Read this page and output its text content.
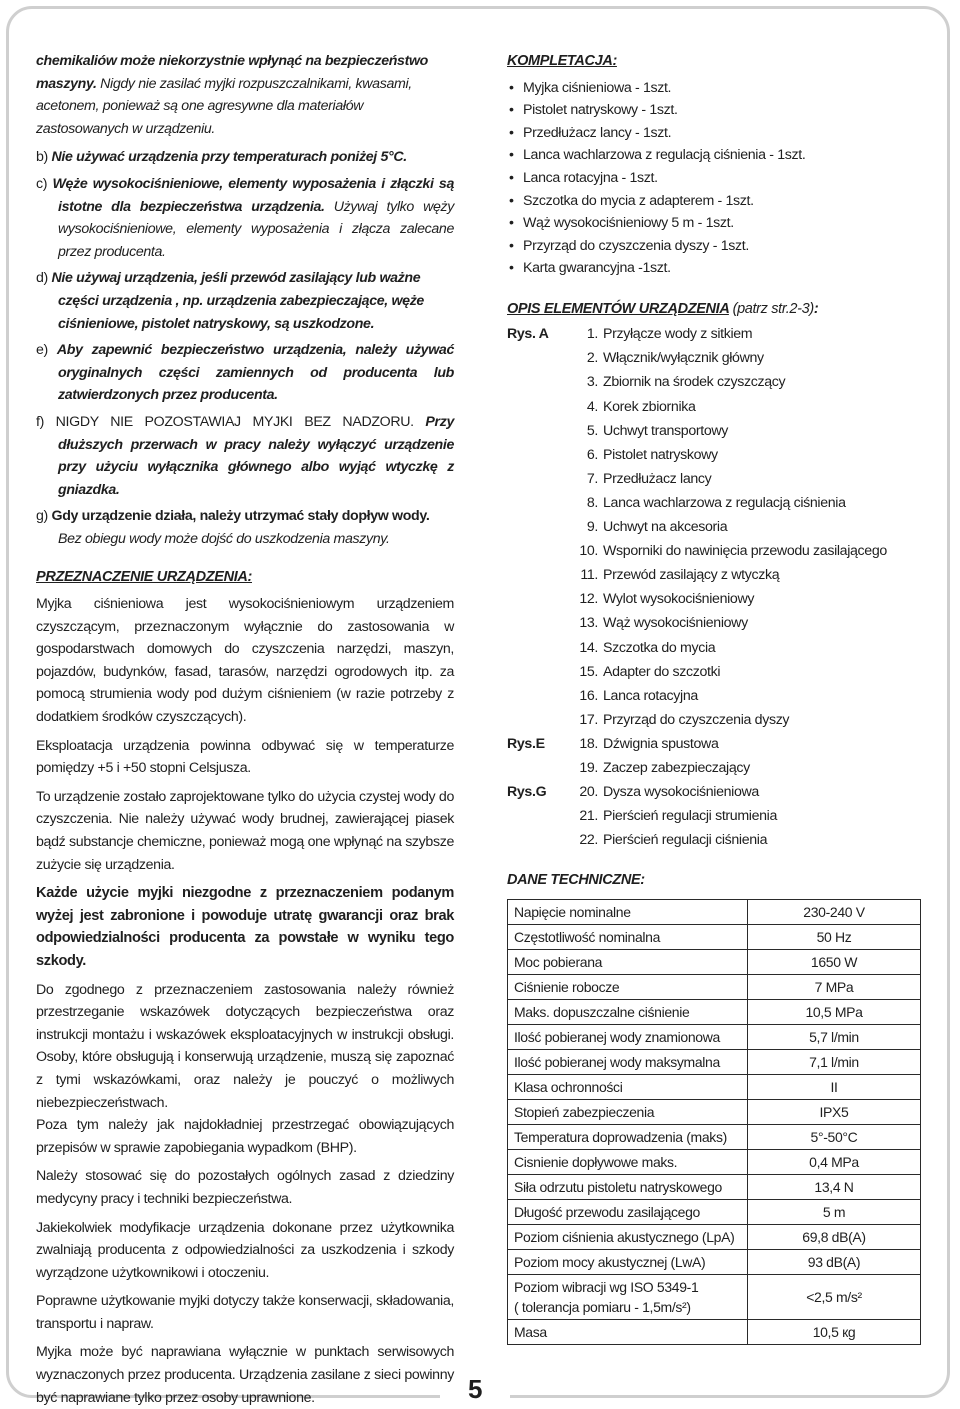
chemikaliów może niekorzystnie wpłynąć na bezpieczeństwo

maszyny. Nigdy nie zasilać myjki rozpuszczalnikami, kwasami, acetonem, ponieważ są one agresywne dla materiałów zastosowanych w urządzeniu.

b) Nie używać urządzenia przy temperaturach poniżej 5°C.

c) Węże wysokociśnieniowe, elementy wyposażenia i złączki są istotne dla bezpieczeństwa urządzenia. Używaj tylko węży wysokociśnieniowe, elementy wyposażenia i złącza zalecane przez producenta.

d) Nie używaj urządzenia, jeśli przewód zasilający lub ważne części urządzenia , np. urządzenia zabezpieczające, węże ciśnieniowe, pistolet natryskowy, są uszkodzone.

e) Aby zapewnić bezpieczeństwo urządzenia, należy używać oryginalnych części zamiennych od producenta lub zatwierdzonych przez producenta.

f) NIGDY NIE POZOSTAWIAJ MYJKI BEZ NADZORU. Przy dłuższych przerwach w pracy należy wyłączyć urządzenie przy użyciu wyłącznika głównego albo wyjąć wtyczkę z gniazdka.

g) Gdy urządzenie działa, należy utrzymać stały dopływ wody.

Bez obiegu wody może dojść do uszkodzenia maszyny.

PRZEZNACZENIE URZĄDZENIA:

Myjka ciśnieniowa jest wysokociśnieniowym urządzeniem czyszczącym, przeznaczonym wyłącznie do zastosowania w gospodarstwach domowych do czyszczenia narzędzi, maszyn, pojazdów, budynków, fasad, tarasów, narzędzi ogrodowych itp. za pomocą strumienia wody pod dużym ciśnieniem (w razie potrzeby z dodatkiem środków czyszczących).

Eksploatacja urządzenia powinna odbywać się w temperaturze pomiędzy +5 i +50 stopni Celsjusza.

To urządzenie zostało zaprojektowane tylko do użycia czystej wody do czyszczenia. Nie należy używać wody brudnej, zawierającej piasek bądź substancje chemiczne, ponieważ mogą one wpłynąć na szybsze zużycie się urządzenia.

Każde użycie myjki niezgodne z przeznaczeniem podanym wyżej jest zabronione i powoduje utratę gwarancji oraz brak odpowiedzialności producenta za powstałe w wyniku tego szkody.

Do zgodnego z przeznaczeniem zastosowania należy również przestrzeganie wskazówek dotyczących bezpieczeństwa oraz instrukcji montażu i wskazówek eksploatacyjnych w instrukcji obsługi. Osoby, które obsługują i konserwują urządzenie, muszą się zapoznać z tymi wskazówkami, oraz należy je pouczyć o możliwych niebezpieczeństwach.

Poza tym należy jak najdokładniej przestrzegać obowiązujących przepisów w sprawie zapobiegania wypadkom (BHP).

Należy stosować się do pozostałych ogólnych zasad z dziedziny medycyny pracy i techniki bezpieczeństwa.

Jakiekolwiek modyfikacje urządzenia dokonane przez użytkownika zwalniają producenta z odpowiedzialności za uszkodzenia i szkody wyrządzone użytkownikowi i otoczeniu.

Poprawne użytkowanie myjki dotyczy także konserwacji, składowania, transportu i napraw.

Myjka może być naprawiana wyłącznie w punktach serwisowych wyznaczonych przez producenta. Urządzenia zasilane z sieci powinny być naprawiane tylko przez osoby uprawnione.

KOMPLETACJA:

• Myjka ciśnieniowa - 1szt.
• Pistolet natryskowy - 1szt.
• Przedłużacz lancy - 1szt.
• Lanca wachlarzowa z regulacją ciśnienia - 1szt.
• Lanca rotacyjna - 1szt.
• Szczotka do mycia z adapterem - 1szt.
• Wąż wysokociśnieniowy 5 m - 1szt.
• Przyrząd do czyszczenia dyszy - 1szt.
• Karta gwarancyjna -1szt.

OPIS ELEMENTÓW URZĄDZENIA (patrz str.2-3):

Rys. A	1. Przyłącze wody z sitkiem
2. Włącznik/wyłącznik główny
3. Zbiornik na środek czyszczący
4. Korek zbiornika
5. Uchwyt transportowy
6. Pistolet natryskowy
7. Przedłużacz lancy
8. Lanca wachlarzowa z regulacją ciśnienia
9. Uchwyt na akcesoria
10. Wsporniki do nawinięcia przewodu zasilającego
11. Przewód zasilający z wtyczką
12. Wylot wysokociśnieniowy
13. Wąż wysokociśnieniowy
14. Szczotka do mycia
15. Adapter do szczotki
16. Lanca rotacyjna
17. Przyrząd do czyszczenia dyszy
Rys.E	18. Dźwignia spustowa
19. Zaczep zabezpieczający
Rys.G	20. Dysza wysokociśnieniowa
21. Pierścień regulacji strumienia
22. Pierścień regulacji ciśnienia

DANE TECHNICZNE:

Napięcie nominalne	230-240 V
Częstotliwość nominalna	50 Hz
Moc pobierana	1650 W
Ciśnienie robocze	7 MPa
Maks. dopuszczalne ciśnienie	10,5 MPa
Ilość pobieranej wody znamionowa	5,7 l/min
Ilość pobieranej wody maksymalna	7,1 l/min
Klasa ochronności	II
Stopień zabezpieczenia	IPX5
Temperatura doprowadzenia (maks)	5°-50°C
Cisnienie dopływowe maks.	0,4 MPa
Siła odrzutu pistoletu natryskowego	13,4 N
Długość przewodu zasilającego	5 m
Poziom ciśnienia akustycznego (LpA)	69,8 dB(A)
Poziom mocy akustycznej (LwA)	93 dB(A)
Poziom wibracji wg ISO 5349-1
( tolerancja pomiaru - 1,5m/s²)	<2,5 m/s²
Masa	10,5 кg
5
